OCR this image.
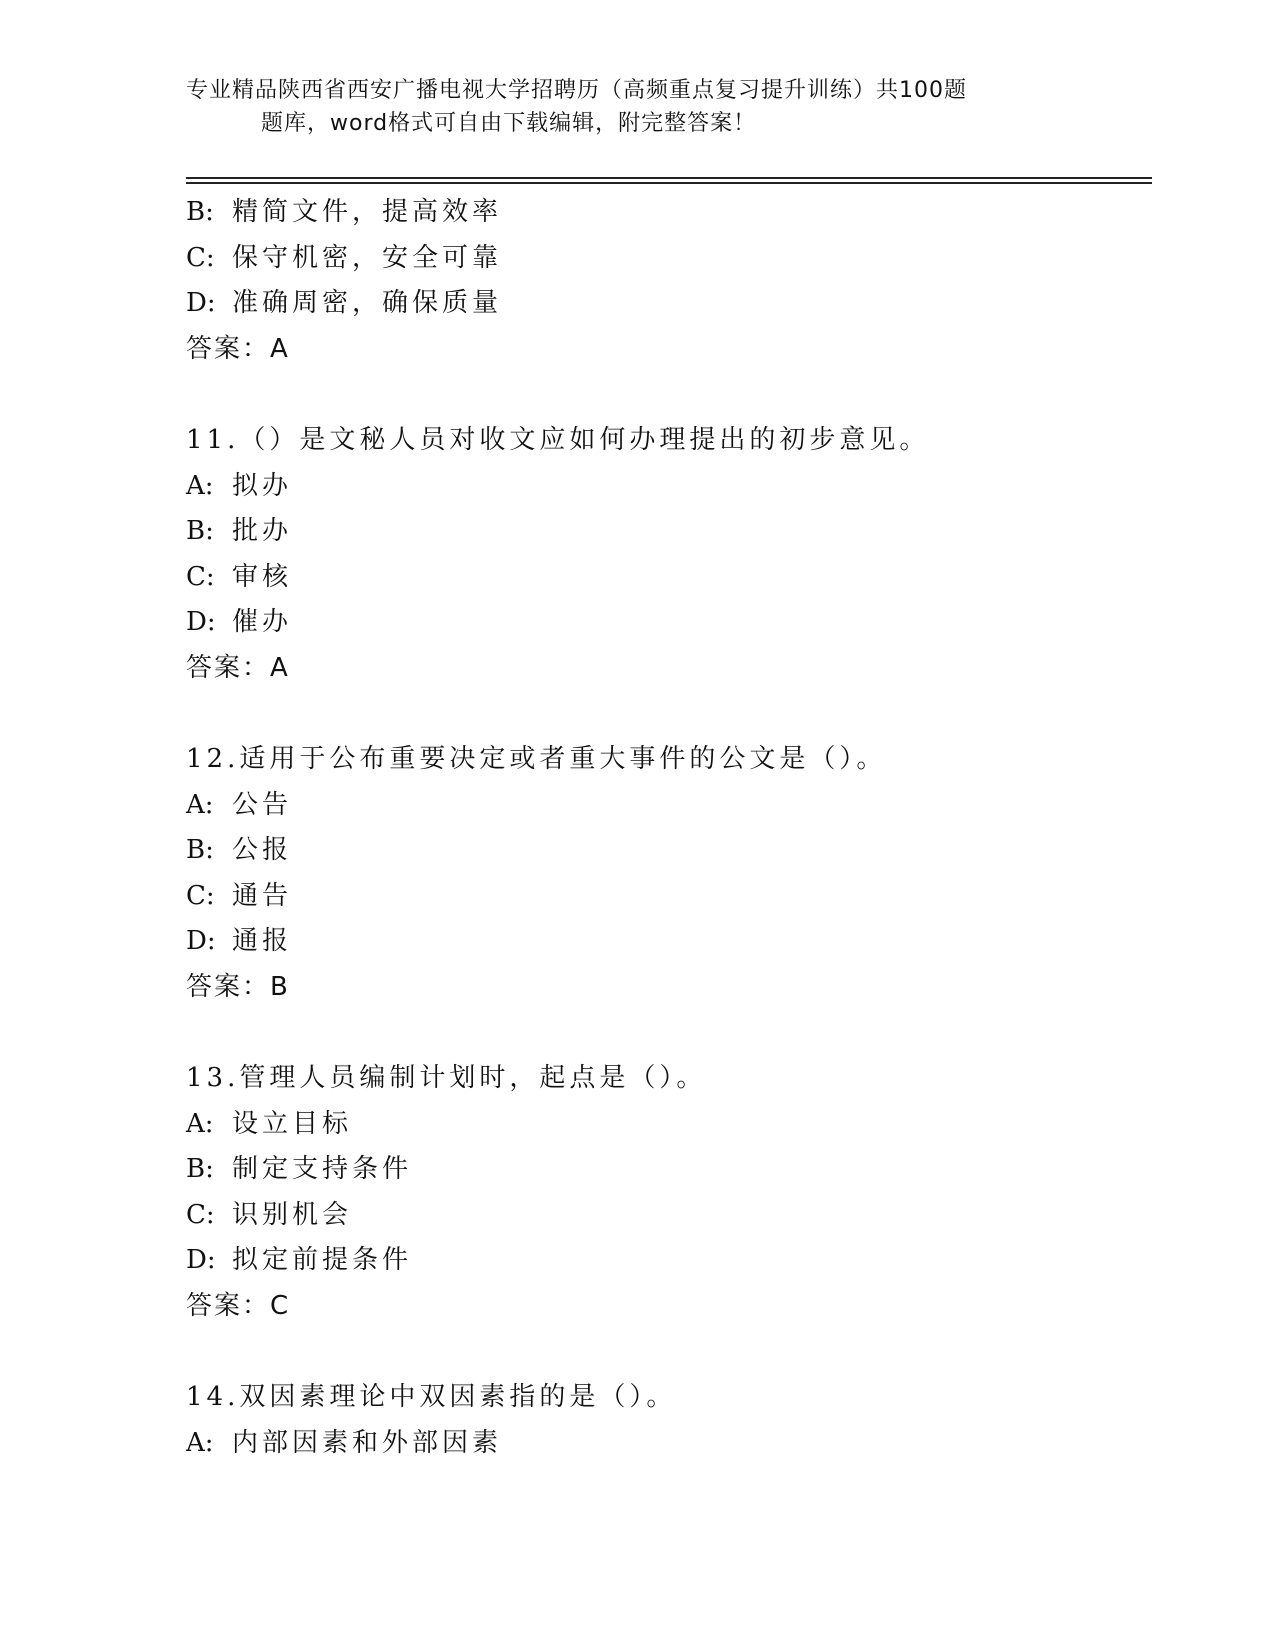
专业精品陕西省西安广播电视大学招聘历（高频重点复习提升训练）共100题
题库，word格式可自由下载编辑，附完整答案！
B: 精简文件，提高效率
C: 保守机密，安全可靠
D: 准确周密，确保质量
答案：A
11.（）是文秘人员对收文应如何办理提出的初步意见。
A: 拟办
B: 批办
C: 审核
D: 催办
答案：A
12.适用于公布重要决定或者重大事件的公文是（）。
A: 公告
B: 公报
C: 通告
D: 通报
答案：B
13.管理人员编制计划时，起点是（）。
A: 设立目标
B: 制定支持条件
C: 识别机会
D: 拟定前提条件
答案：C
14.双因素理论中双因素指的是（）。
A: 内部因素和外部因素
